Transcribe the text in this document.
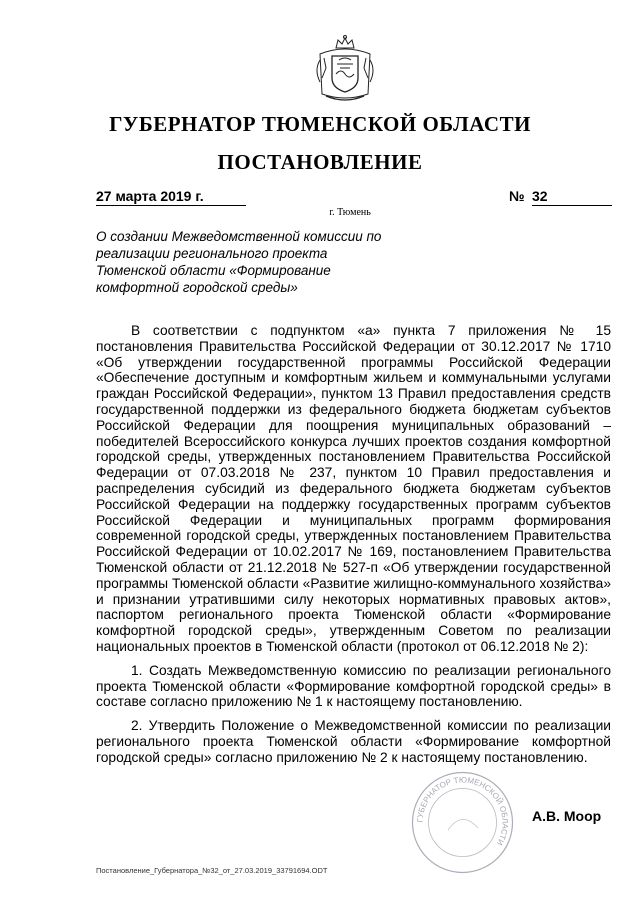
ГУБЕРНАТОР ТЮМЕНСКОЙ ОБЛАСТИ
ПОСТАНОВЛЕНИЕ
27 марта 2019 г.	№ 32
г. Тюмень
О создании Межведомственной комиссии по реализации регионального проекта Тюменской области «Формирование комфортной городской среды»

В соответствии с подпунктом «а» пункта 7 приложения № 15 постановления Правительства Российской Федерации от 30.12.2017 № 1710 «Об утверждении государственной программы Российской Федерации «Обеспечение доступным и комфортным жильем и коммунальными услугами граждан Российской Федерации», пунктом 13 Правил предоставления средств государственной поддержки из федерального бюджета бюджетам субъектов Российской Федерации для поощрения муниципальных образований – победителей Всероссийского конкурса лучших проектов создания комфортной городской среды, утвержденных постановлением Правительства Российской Федерации от 07.03.2018 № 237, пунктом 10 Правил предоставления и распределения субсидий из федерального бюджета бюджетам субъектов Российской Федерации на поддержку государственных программ субъектов Российской Федерации и муниципальных программ формирования современной городской среды, утвержденных постановлением Правительства Российской Федерации от 10.02.2017 № 169, постановлением Правительства Тюменской области от 21.12.2018 № 527-п «Об утверждении государственной программы Тюменской области «Развитие жилищно-коммунального хозяйства» и признании утратившими силу некоторых нормативных правовых актов», паспортом регионального проекта Тюменской области «Формирование комфортной городской среды», утвержденным Советом по реализации национальных проектов в Тюменской области (протокол от 06.12.2018 № 2):

1. Создать Межведомственную комиссию по реализации регионального проекта Тюменской области «Формирование комфортной городской среды» в составе согласно приложению № 1 к настоящему постановлению.

2. Утвердить Положение о Межведомственной комиссии по реализации регионального проекта Тюменской области «Формирование комфортной городской среды» согласно приложению № 2 к настоящему постановлению.

ГУБЕРНАТОР ТЮМЕНСКОЙ ОБЛАСТИ
А.В. Моор
Постановление_Губернатора_№32_от_27.03.2019_33791694.ODT
